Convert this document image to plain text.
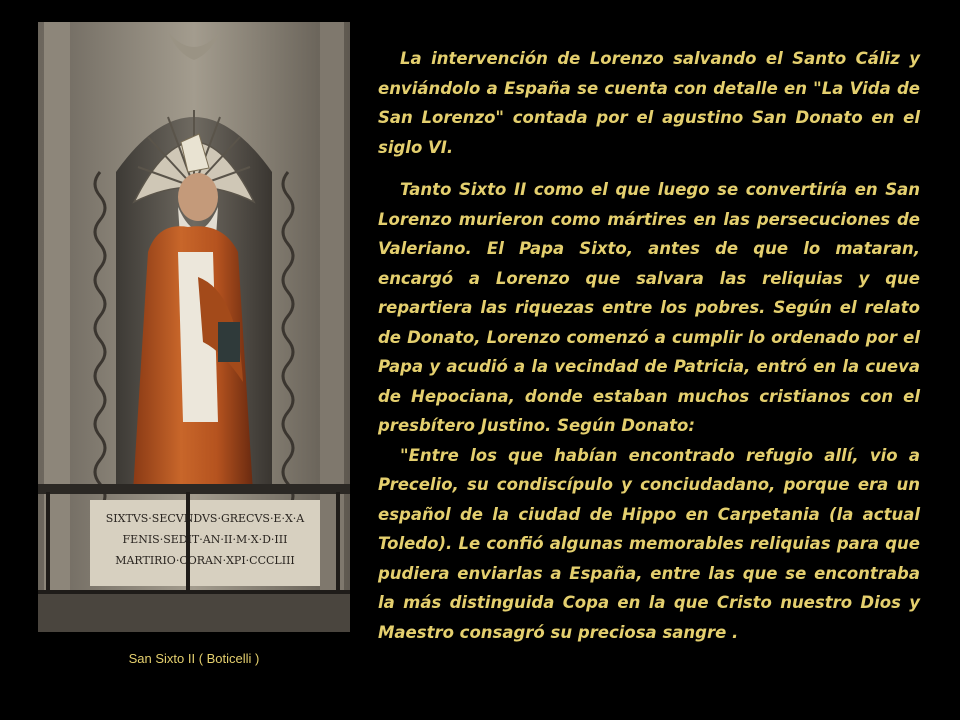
SIXTVS·SECVNDVS·GRECVS·E·X·A
FENIS·SEDIT·AN·II·M·X·D·III
MARTIRIO·CORAN·XPI·CCCLIII
San Sixto II ( Boticelli )

La intervención de Lorenzo salvando el Santo Cáliz y enviándolo a España se cuenta con detalle en "La Vida de San Lorenzo" contada por el agustino San Donato en el siglo VI.

Tanto Sixto II como el que luego se convertiría en San Lorenzo murieron como mártires en las persecuciones de Valeriano. El Papa Sixto, antes de que lo mataran, encargó a Lorenzo que salvara las reliquias y que repartiera las riquezas entre los pobres. Según el relato de Donato, Lorenzo comenzó a cumplir lo ordenado por el Papa y acudió a la vecindad de Patricia, entró en la cueva de Hepociana, donde estaban muchos cristianos con el presbítero Justino. Según Donato:

"Entre los que habían encontrado refugio allí, vio a Precelio, su condiscípulo y conciudadano, porque era un español de la ciudad de Hippo en Carpetania (la actual Toledo). Le confió algunas memorables reliquias para que pudiera enviarlas a España, entre las que se encontraba la más distinguida Copa en la que Cristo nuestro Dios y Maestro consagró su preciosa sangre .
